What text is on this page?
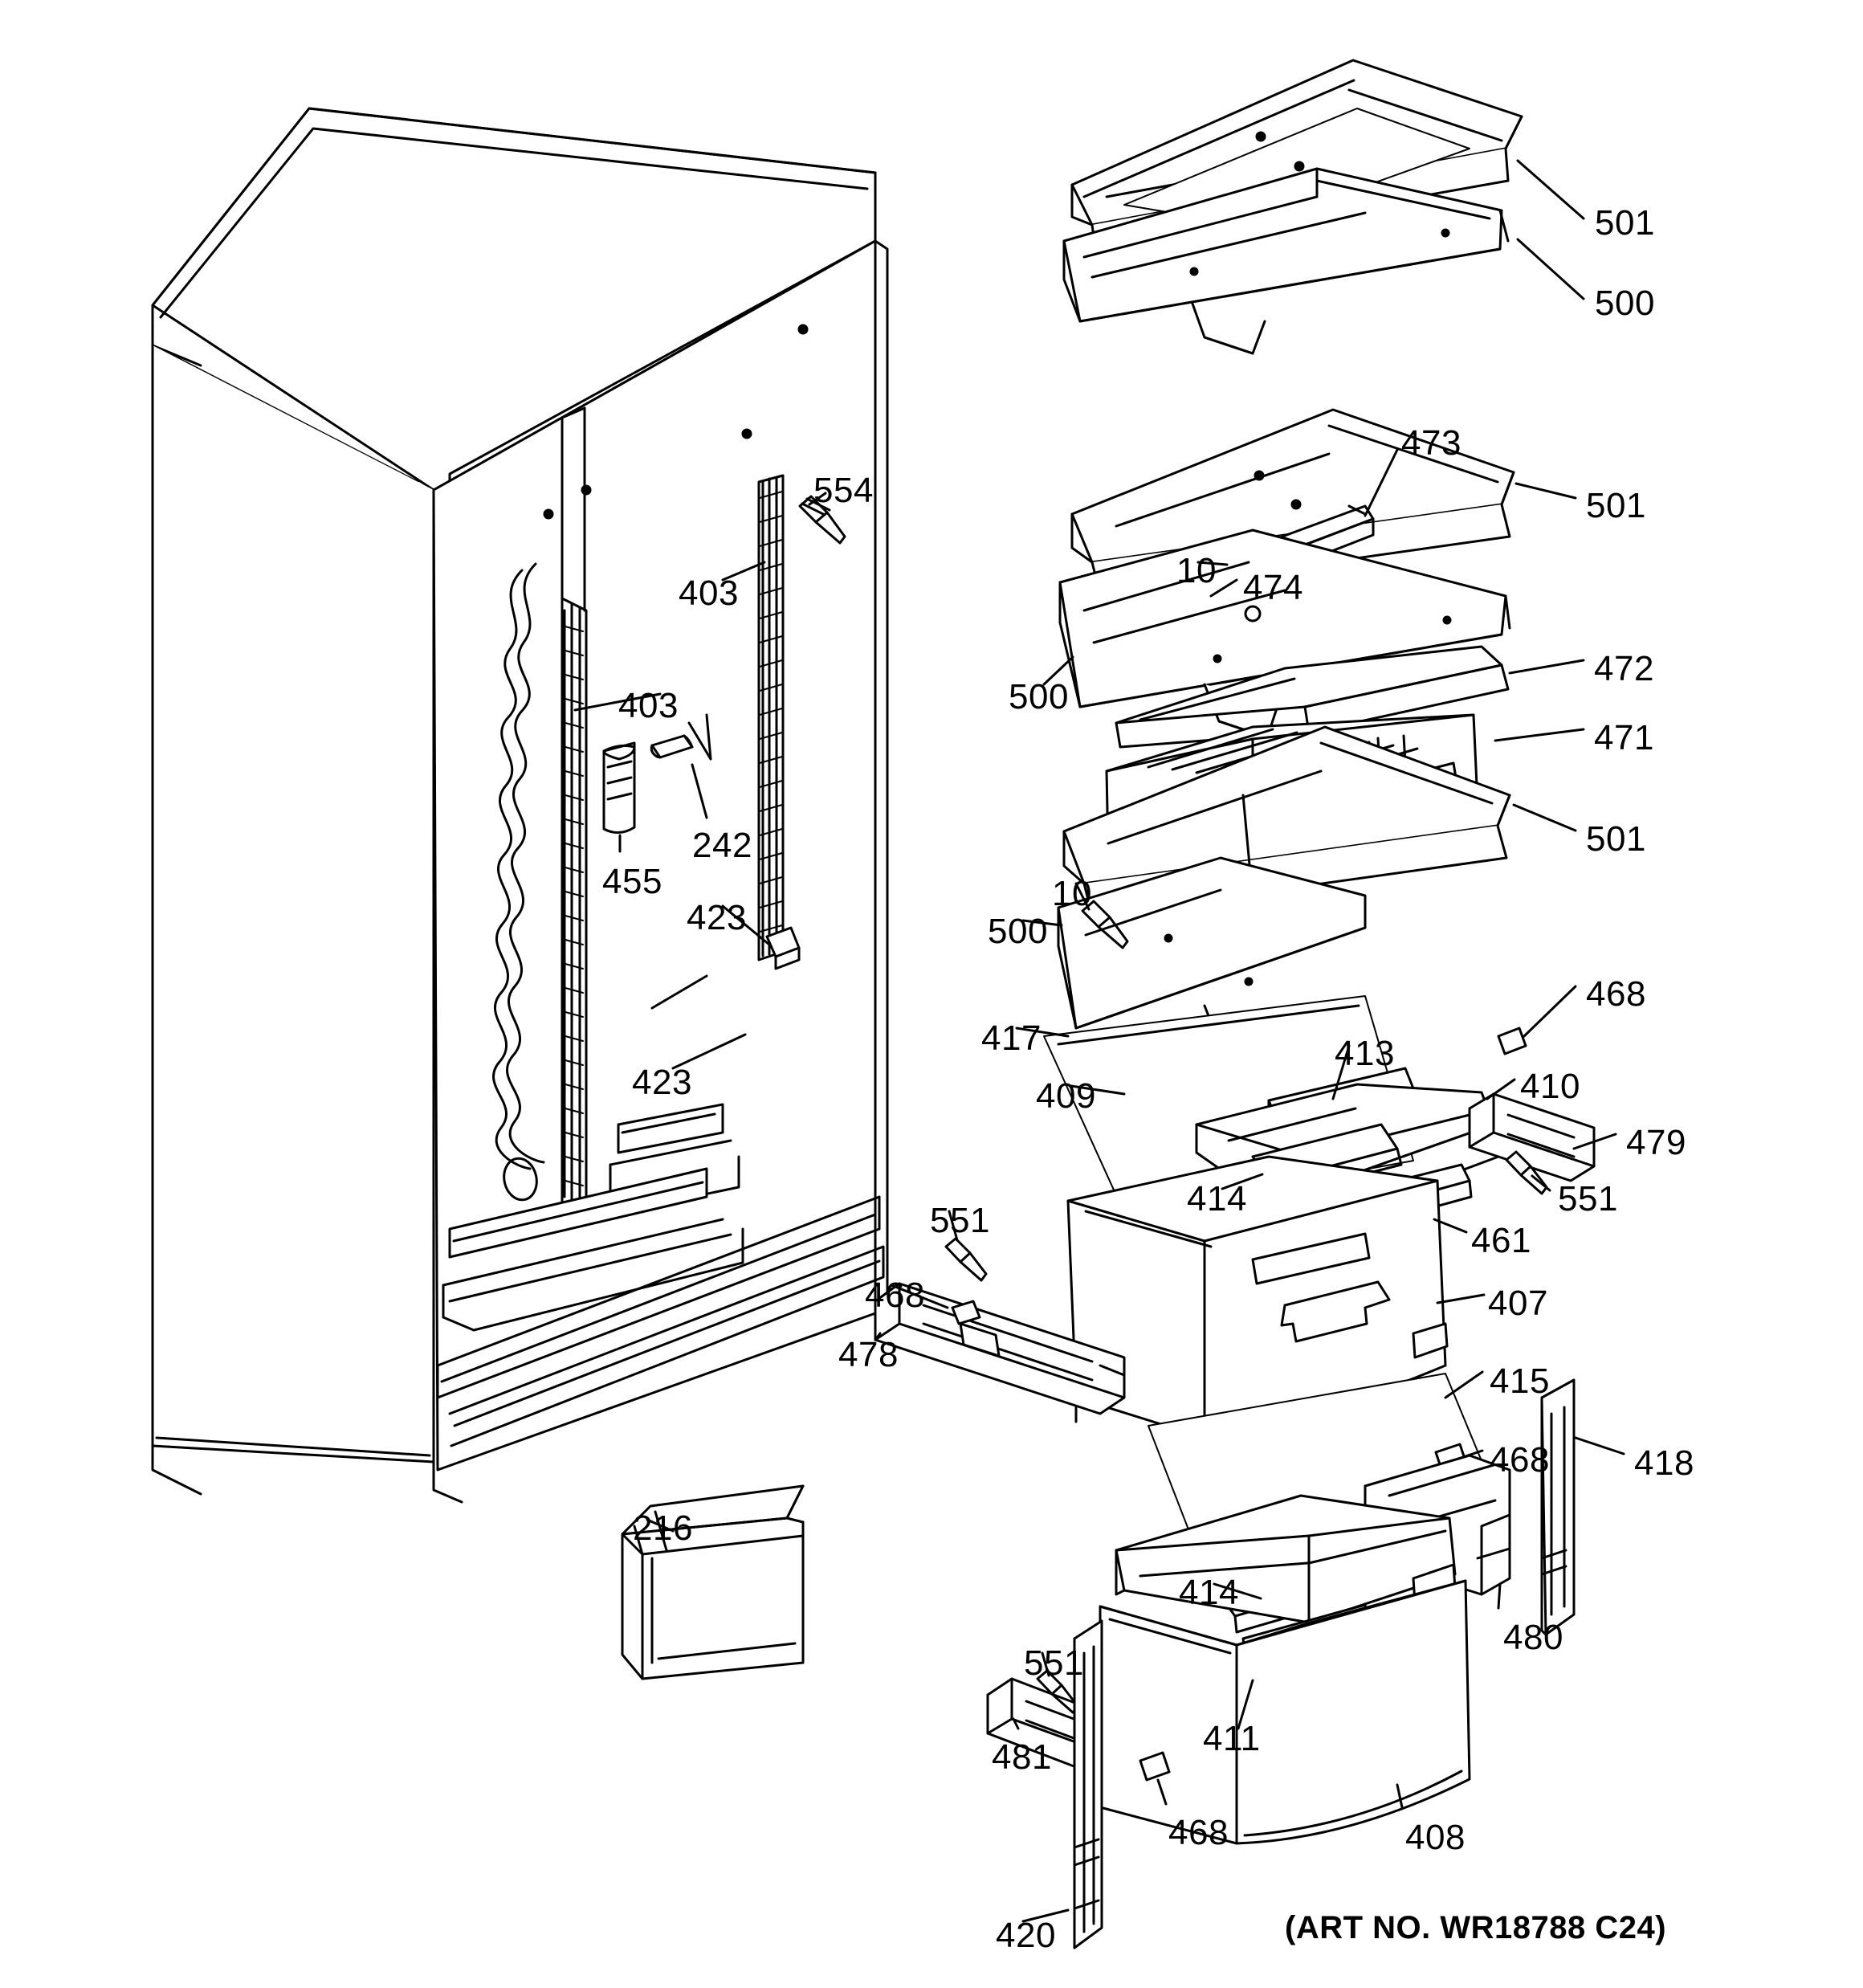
501
500
473
501
10 474
472
500
471
554
403
403
242
455
423
423
501
10
500
468
417	413
409	410
479
414	551
461
551
468	407
478
415
468 418
414
480
551
216
411
481
468	408
420	(ART NO. WR18788 C24)
